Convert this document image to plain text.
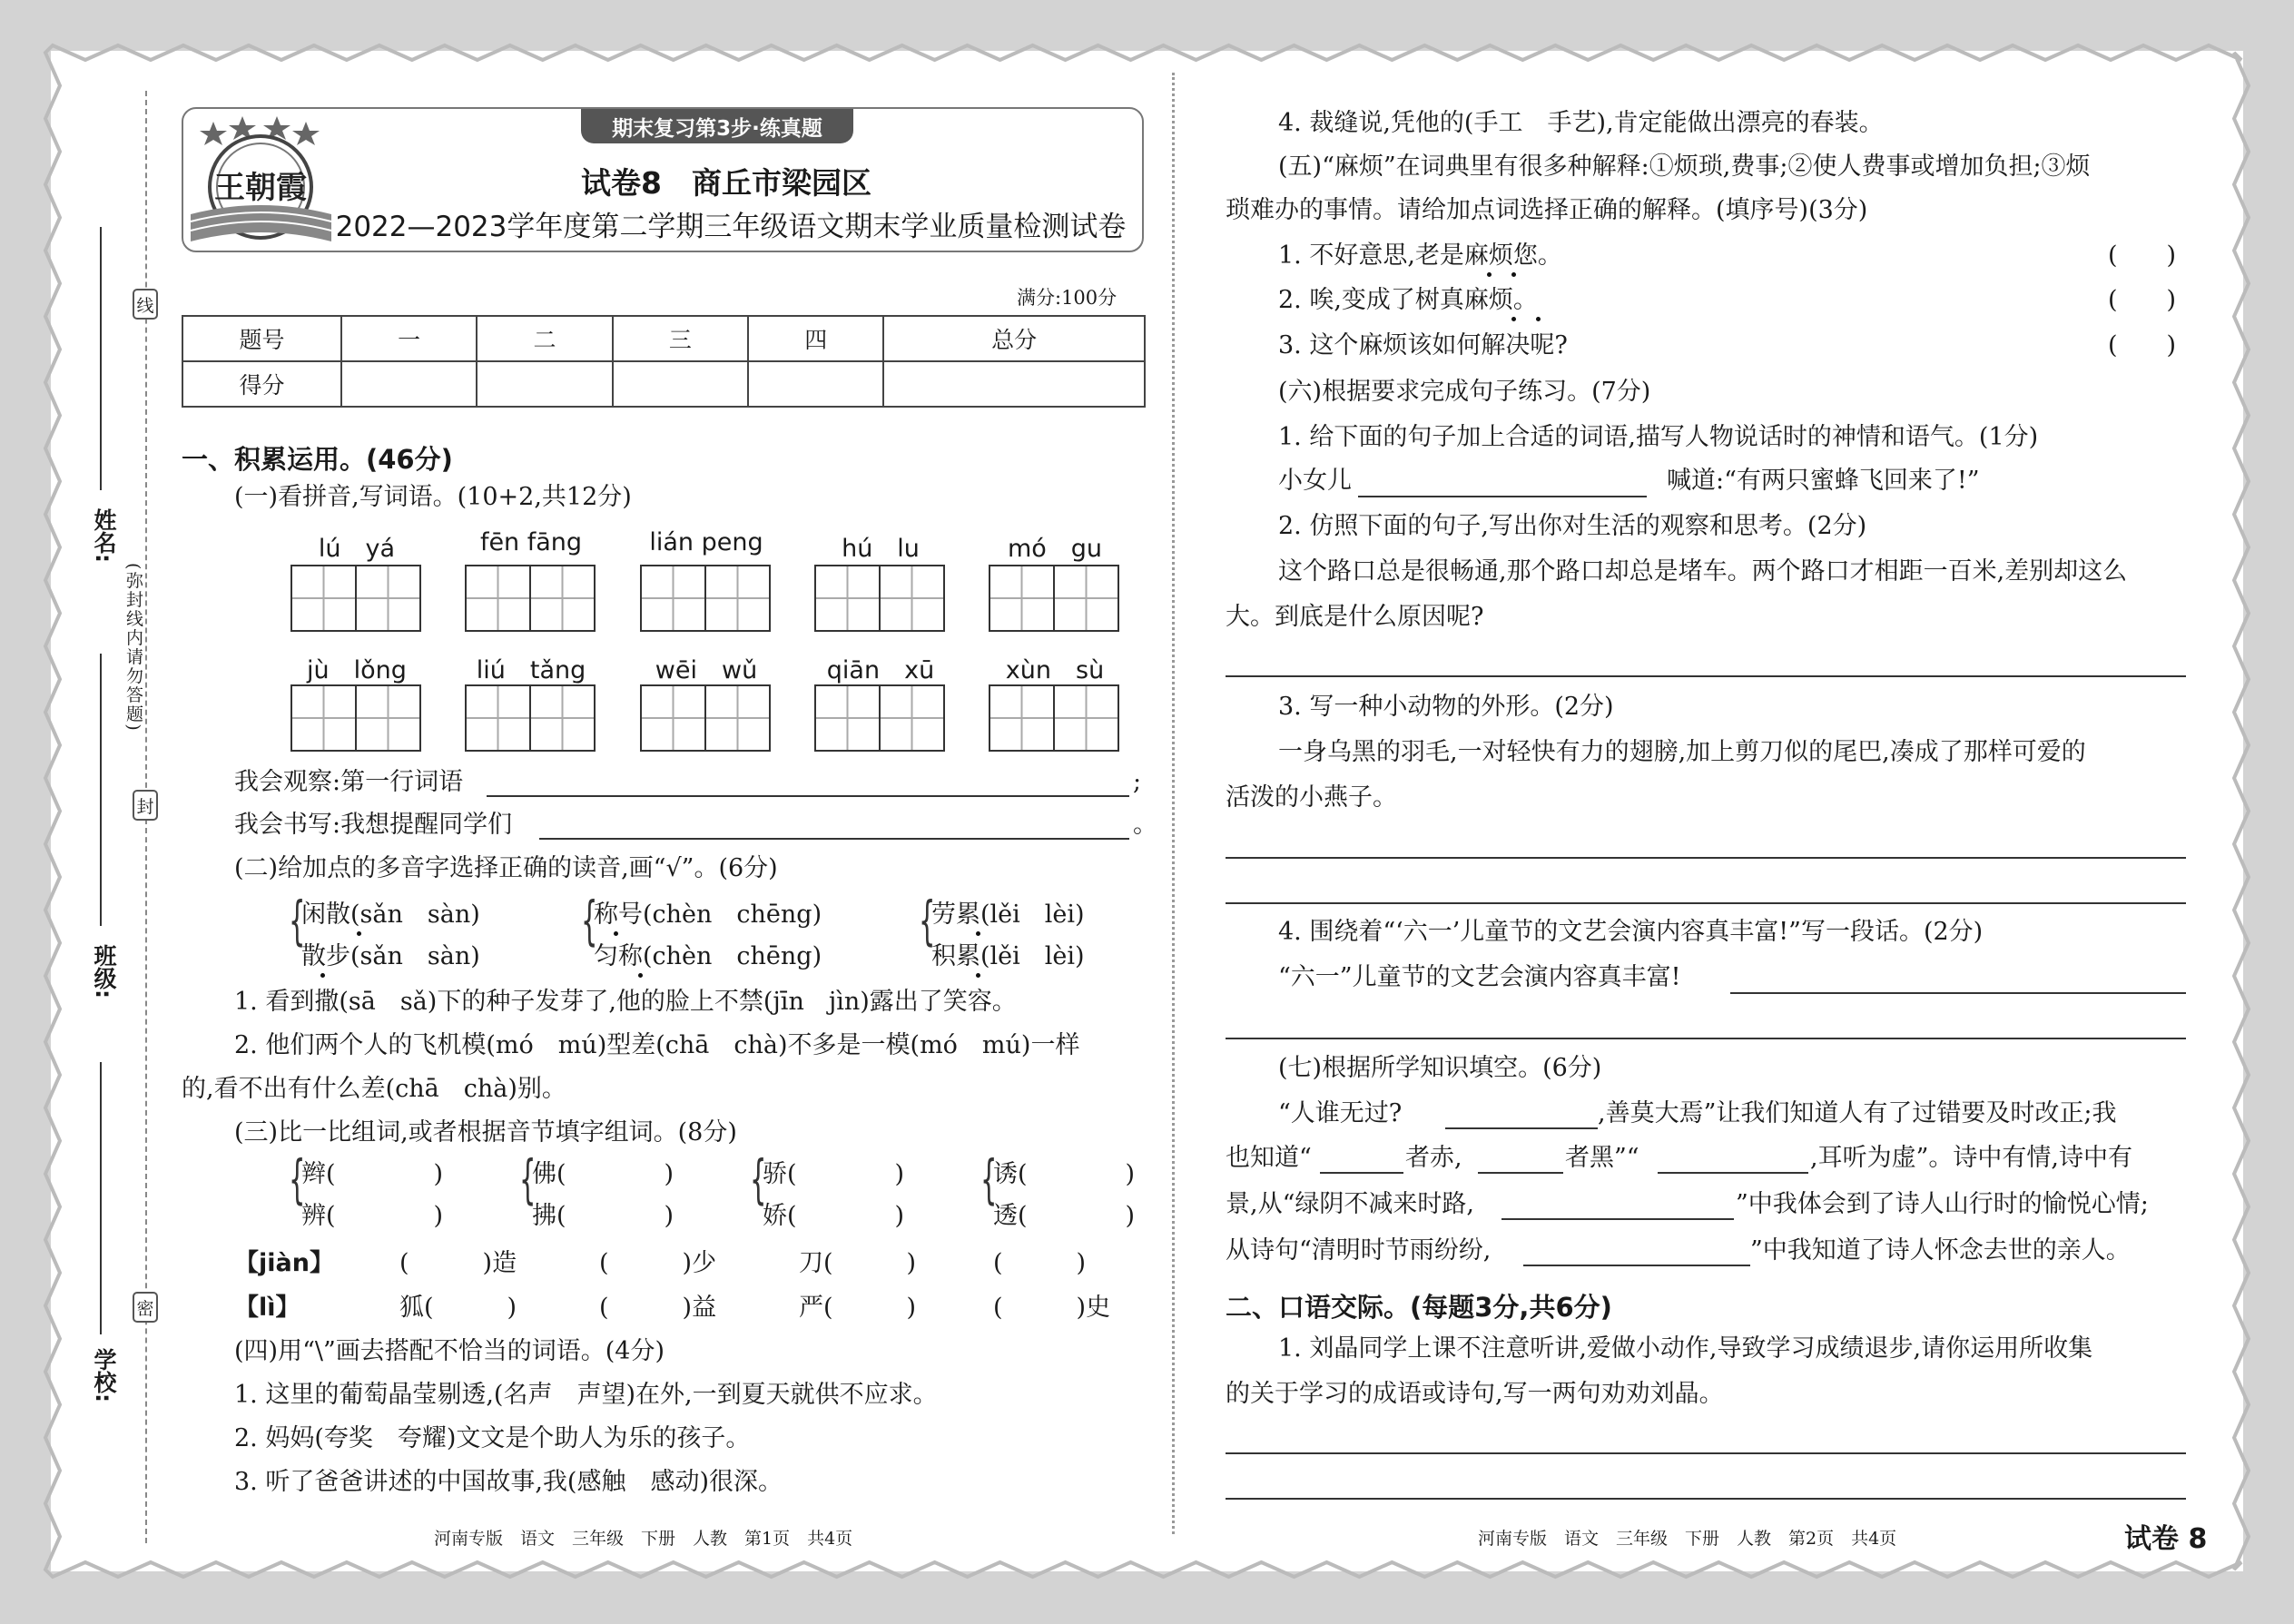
线
封
密
(弥封线内请勿答题)
姓名:
班级:
学校:
期末复习第3步·练真题
王朝霞	试卷8　商丘市梁园区
2022—2023学年度第二学期三年级语文期末学业质量检测试卷
满分:100分
题号	一	二	三	四	总分
得分					
一、积累运用。(46分)
(一)看拼音,写词语。(10+2,共12分)
lú　yá	fēn fāng	lián peng	hú　lu	mó　gu
jù　lǒng	liú　tǎng	wēi　wǔ	qiān　xū	xùn　sù
我会观察:第一行词语	;
我会书写:我想提醒同学们	。
(二)给加点的多音字选择正确的读音,画“√”。(6分)
{
闲散(sǎn　sàn)
散步(sǎn　sàn)
{
称号(chèn　chēng)
匀称(chèn　chēng)
{
劳累(lěi　lèi)
积累(lěi　lèi)
1. 看到撒(sā　sǎ)下的种子发芽了,他的脸上不禁(jīn　jìn)露出了笑容。
2. 他们两个人的飞机模(mó　mú)型差(chā　chà)不多是一模(mó　mú)一样
的,看不出有什么差(chā　chà)别。
(三)比一比组词,或者根据音节填字组词。(8分)
{
辫(　　　　)
辨(　　　　)
{
佛(　　　　)
拂(　　　　)
{
骄(　　　　)
娇(　　　　)
{
诱(　　　　)
透(　　　　)
【jiàn】	(　　　)造	(　　　)少	刀(　　　)	(　　　)
【lì】	狐(　　　)	(　　　)益	严(　　　)	(　　　)史
(四)用“\”画去搭配不恰当的词语。(4分)
1. 这里的葡萄晶莹剔透,(名声　声望)在外,一到夏天就供不应求。
2. 妈妈(夸奖　夸耀)文文是个助人为乐的孩子。
3. 听了爸爸讲述的中国故事,我(感触　感动)很深。
河南专版　语文　三年级　下册　人教　第1页　共4页
4. 裁缝说,凭他的(手工　手艺),肯定能做出漂亮的春装。
(五)“麻烦”在词典里有很多种解释:①烦琐,费事;②使人费事或增加负担;③烦
琐难办的事情。请给加点词选择正确的解释。(填序号)(3分)
1. 不好意思,老是麻烦您。	(　　)
2. 唉,变成了树真麻烦。	(　　)
3. 这个麻烦该如何解决呢?	(　　)
(六)根据要求完成句子练习。(7分)
1. 给下面的句子加上合适的词语,描写人物说话时的神情和语气。(1分)
小女儿	喊道:“有两只蜜蜂飞回来了!”
2. 仿照下面的句子,写出你对生活的观察和思考。(2分)
这个路口总是很畅通,那个路口却总是堵车。两个路口才相距一百米,差别却这么
大。到底是什么原因呢?
3. 写一种小动物的外形。(2分)
一身乌黑的羽毛,一对轻快有力的翅膀,加上剪刀似的尾巴,凑成了那样可爱的
活泼的小燕子。
4. 围绕着“‘六一’儿童节的文艺会演内容真丰富!”写一段话。(2分)
“六一”儿童节的文艺会演内容真丰富!
(七)根据所学知识填空。(6分)
“人谁无过?	,善莫大焉”让我们知道人有了过错要及时改正;我
也知道“	者赤,	者黑”“	,耳听为虚”。诗中有情,诗中有
景,从“绿阴不减来时路,	”中我体会到了诗人山行时的愉悦心情;
从诗句“清明时节雨纷纷,	”中我知道了诗人怀念去世的亲人。
二、口语交际。(每题3分,共6分)
1. 刘晶同学上课不注意听讲,爱做小动作,导致学习成绩退步,请你运用所收集
的关于学习的成语或诗句,写一两句劝劝刘晶。
河南专版　语文　三年级　下册　人教　第2页　共4页	试卷 8
